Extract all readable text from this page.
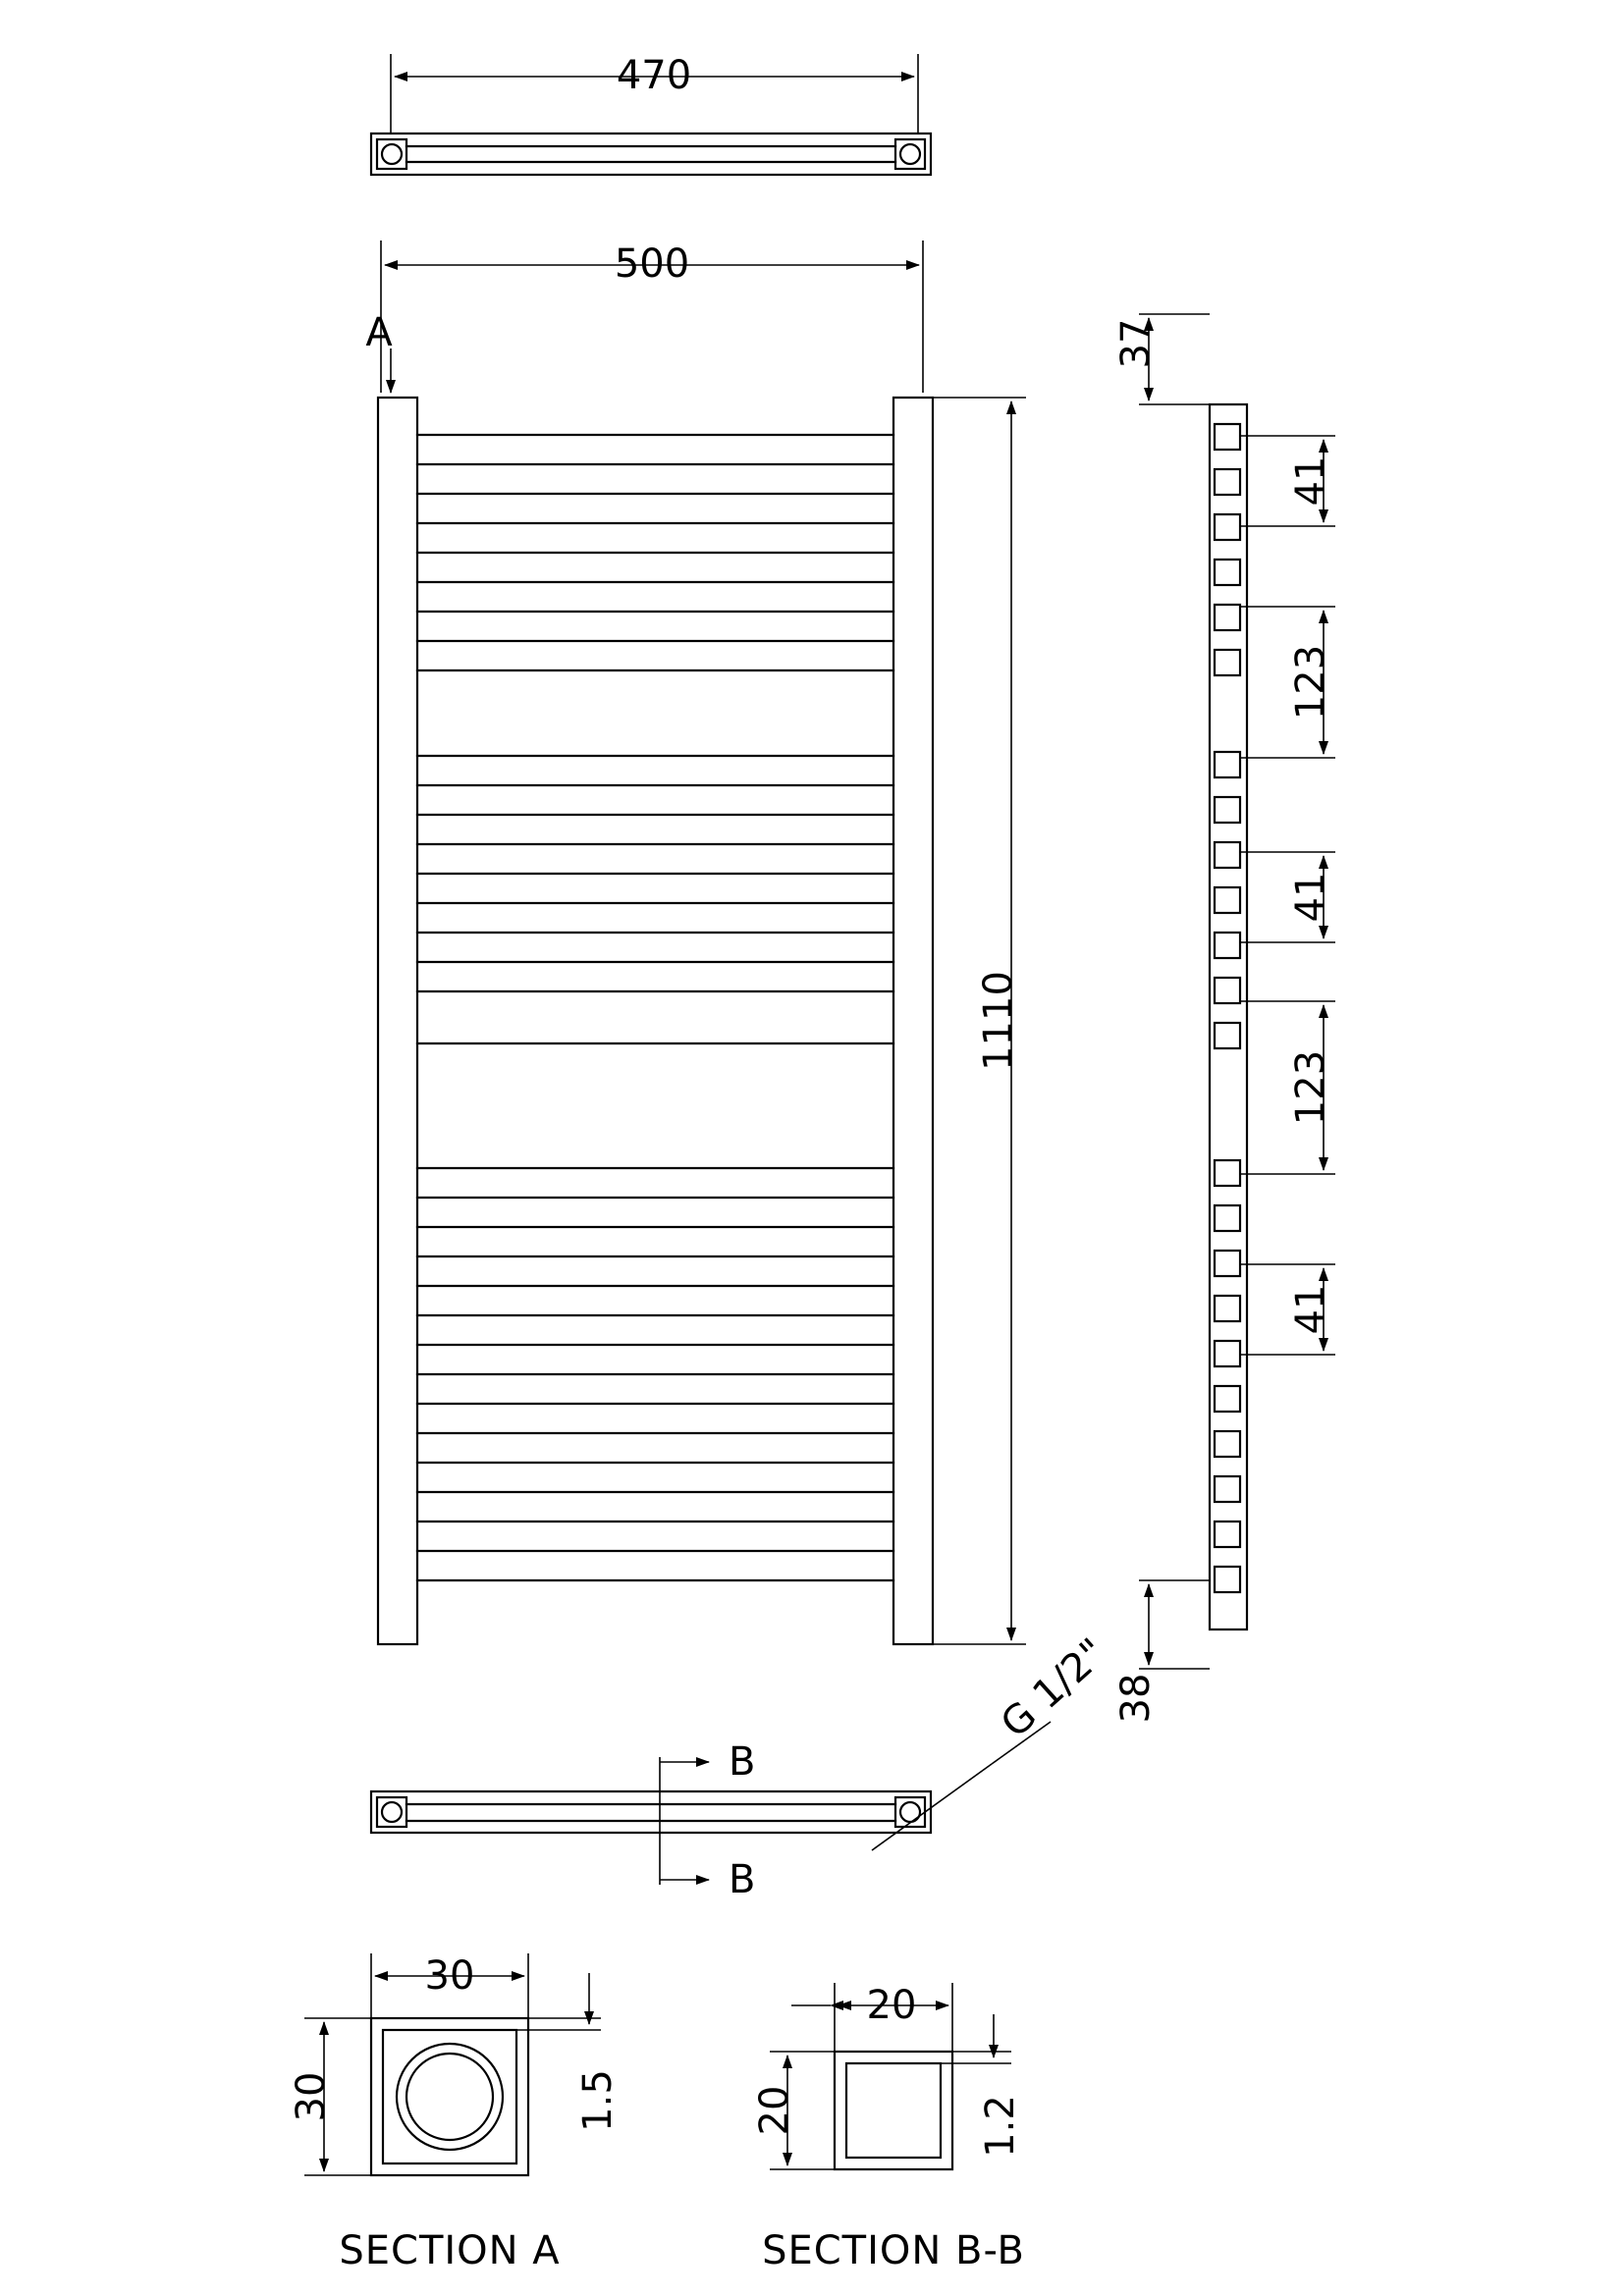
470
500
A
1110
37
38
41
123
41
123
41
B
B
G 1/2"
30
30	1.5
SECTION A
20
20	1.2
SECTION B-B
